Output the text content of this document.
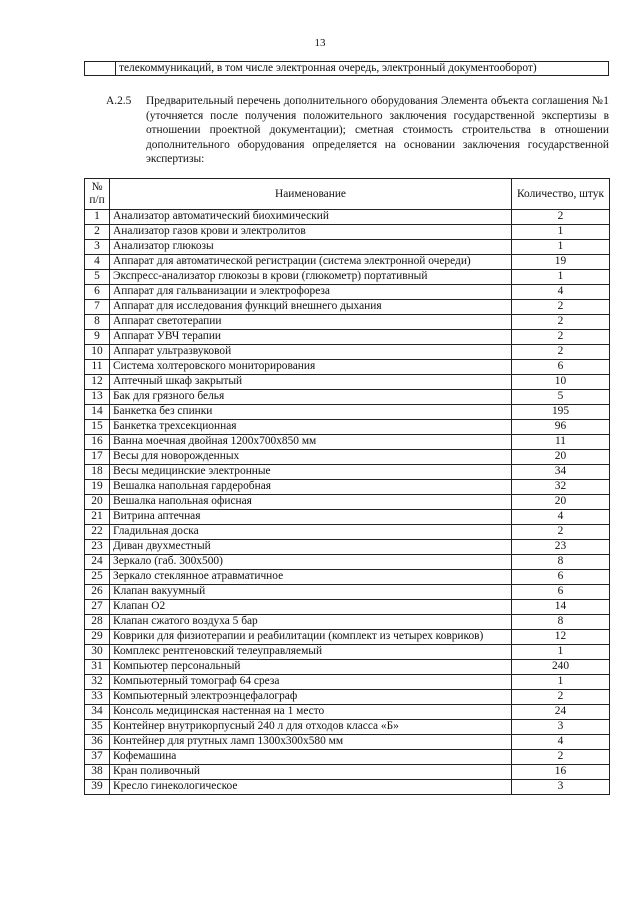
13
	телекоммуникаций, в том числе электронная очередь, электронный документооборот)
А.2.5 Предварительный перечень дополнительного оборудования Элемента объекта соглашения №1 (уточняется после получения положительного заключения государственной экспертизы в отношении проектной документации); сметная стоимость строительства в отношении дополнительного оборудования определяется на основании заключения государственной экспертизы:
№ п/п	Наименование	Количество, штук
1	Анализатор автоматический биохимический	2
2	Анализатор газов крови и электролитов	1
3	Анализатор глюкозы	1
4	Аппарат для автоматической регистрации (система электронной очереди)	19
5	Экспресс-анализатор глюкозы в крови (глюкометр) портативный	1
6	Аппарат для гальванизации и электрофореза	4
7	Аппарат для исследования функций внешнего дыхания	2
8	Аппарат светотерапии	2
9	Аппарат УВЧ терапии	2
10	Аппарат ультразвуковой	2
11	Система холтеровского мониторирования	6
12	Аптечный шкаф закрытый	10
13	Бак для грязного белья	5
14	Банкетка без спинки	195
15	Банкетка трехсекционная	96
16	Ванна моечная двойная 1200х700х850 мм	11
17	Весы для новорожденных	20
18	Весы медицинские электронные	34
19	Вешалка напольная гардеробная	32
20	Вешалка напольная офисная	20
21	Витрина аптечная	4
22	Гладильная доска	2
23	Диван двухместный	23
24	Зеркало (габ. 300х500)	8
25	Зеркало стеклянное атравматичное	6
26	Клапан вакуумный	6
27	Клапан О2	14
28	Клапан сжатого воздуха 5 бар	8
29	Коврики для физиотерапии и реабилитации (комплект из четырех ковриков)	12
30	Комплекс рентгеновский телеуправляемый	1
31	Компьютер персональный	240
32	Компьютерный томограф 64 среза	1
33	Компьютерный электроэнцефалограф	2
34	Консоль медицинская настенная на 1 место	24
35	Контейнер внутрикорпусный 240 л для отходов класса «Б»	3
36	Контейнер для ртутных ламп 1300х300х580 мм	4
37	Кофемашина	2
38	Кран поливочный	16
39	Кресло гинекологическое	3
